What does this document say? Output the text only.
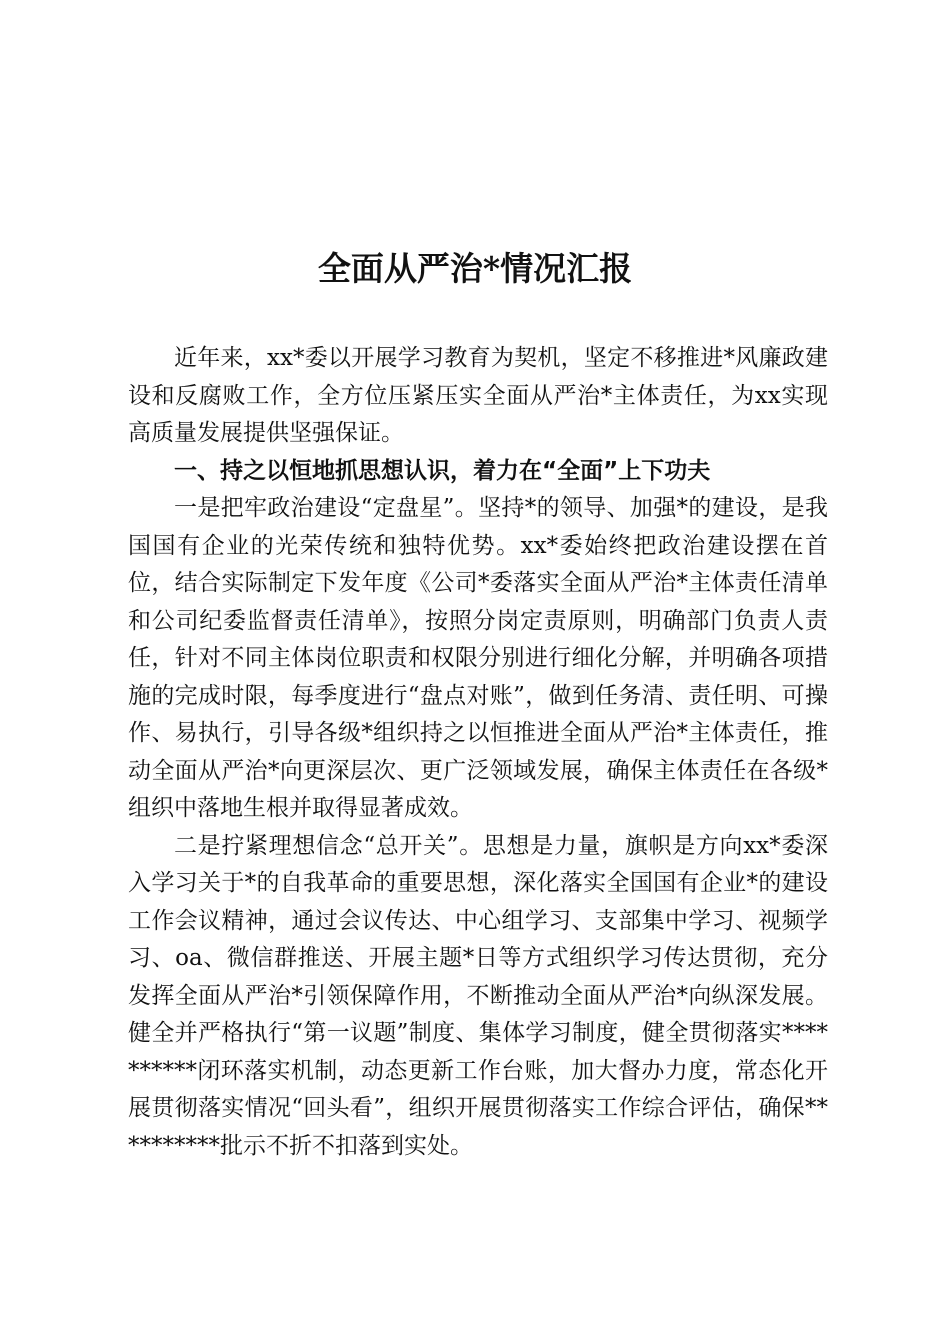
全面从严治*情况汇报

近年来，xx*委以开展学习教育为契机，坚定不移推进*风廉政建设和反腐败工作，全方位压紧压实全面从严治*主体责任，为xx实现高质量发展提供坚强保证。

一、持之以恒地抓思想认识，着力在“全面”上下功夫

一是把牢政治建设“定盘星”。坚持*的领导、加强*的建设，是我国国有企业的光荣传统和独特优势。xx*委始终把政治建设摆在首位，结合实际制定下发年度《公司*委落实全面从严治*主体责任清单和公司纪委监督责任清单》，按照分岗定责原则，明确部门负责人责任，针对不同主体岗位职责和权限分别进行细化分解，并明确各项措施的完成时限，每季度进行“盘点对账”，做到任务清、责任明、可操作、易执行，引导各级*组织持之以恒推进全面从严治*主体责任，推动全面从严治*向更深层次、更广泛领域发展，确保主体责任在各级*组织中落地生根并取得显著成效。

二是拧紧理想信念“总开关”。思想是力量，旗帜是方向xx*委深入学习关于*的自我革命的重要思想，深化落实全国国有企业*的建设工作会议精神，通过会议传达、中心组学习、支部集中学习、视频学习、oa、微信群推送、开展主题*日等方式组织学习传达贯彻，充分发挥全面从严治*引领保障作用，不断推动全面从严治*向纵深发展。健全并严格执行“第一议题”制度、集体学习制度，健全贯彻落实**********闭环落实机制，动态更新工作台账，加大督办力度，常态化开展贯彻落实情况“回头看”，组织开展贯彻落实工作综合评估，确保**********批示不折不扣落到实处。
